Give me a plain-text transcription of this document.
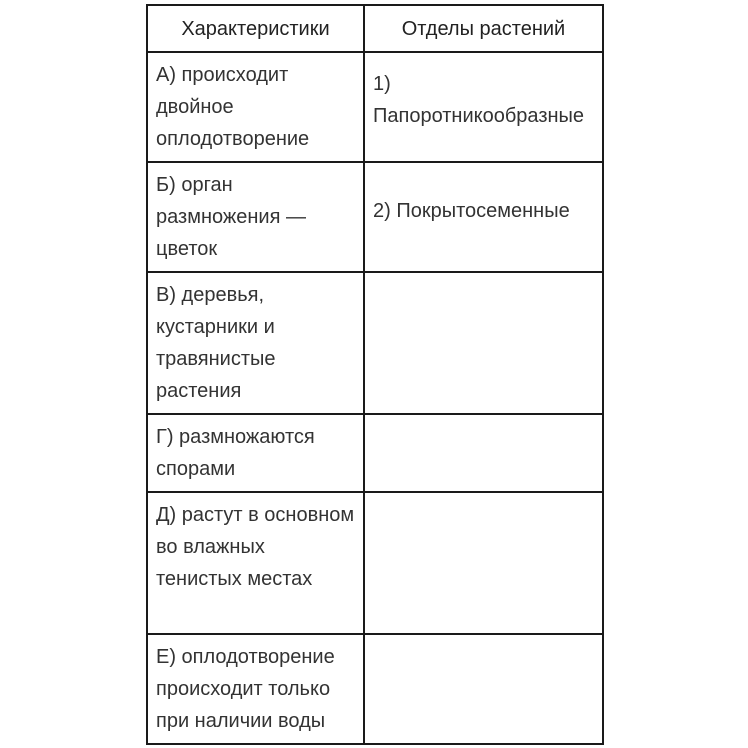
Характеристики	Отделы растений

А) происходит двойное оплодотворение	1) Папоротникообразные

Б) орган размножения — цветок	2) Покрытосеменные

В) деревья, кустарники и травянистые растения	

Г) размножаются спорами	

Д) растут в основном во влажных тенистых местах	

Е) оплодотворение происходит только при наличии воды	
